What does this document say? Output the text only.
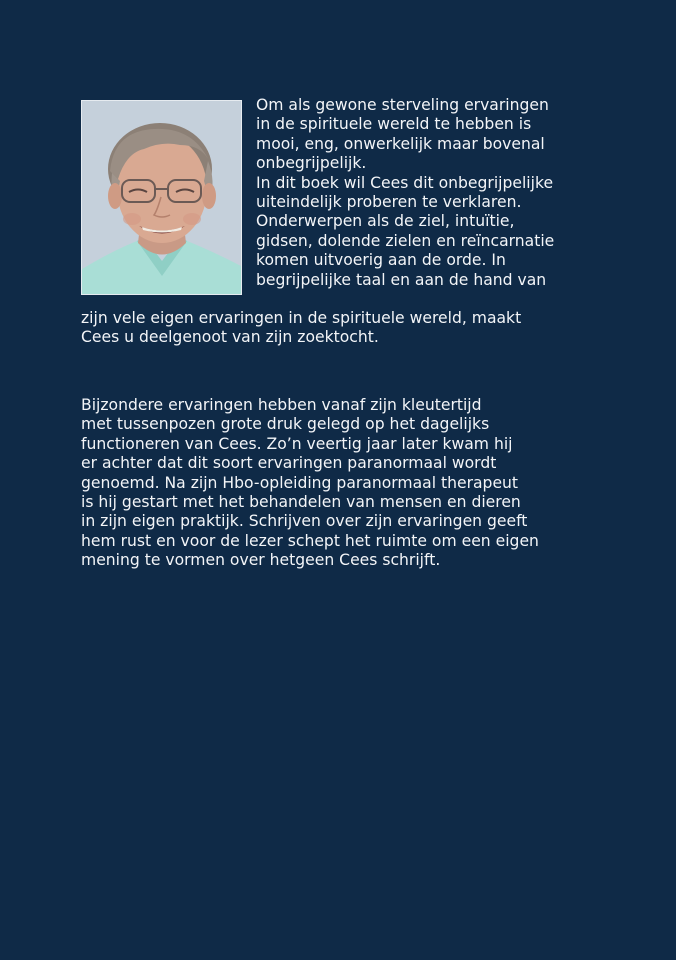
Om als gewone sterveling ervaringen
in de spirituele wereld te hebben is
mooi, eng, onwerkelijk maar bovenal
onbegrijpelijk.
In dit boek wil Cees dit onbegrijpelijke
uiteindelijk proberen te verklaren.
Onderwerpen als de ziel, intuïtie,
gidsen, dolende zielen en reïncarnatie
komen uitvoerig aan de orde. In
begrijpelijke taal en aan de hand van
zijn vele eigen ervaringen in de spirituele wereld, maakt
Cees u deelgenoot van zijn zoektocht.
Bijzondere ervaringen hebben vanaf zijn kleutertijd
met tussenpozen grote druk gelegd op het dagelijks
functioneren van Cees. Zo’n veertig jaar later kwam hij
er achter dat dit soort ervaringen paranormaal wordt
genoemd. Na zijn Hbo-opleiding paranormaal therapeut
is hij gestart met het behandelen van mensen en dieren
in zijn eigen praktijk. Schrijven over zijn ervaringen geeft
hem rust en voor de lezer schept het ruimte om een eigen
mening te vormen over hetgeen Cees schrijft.
